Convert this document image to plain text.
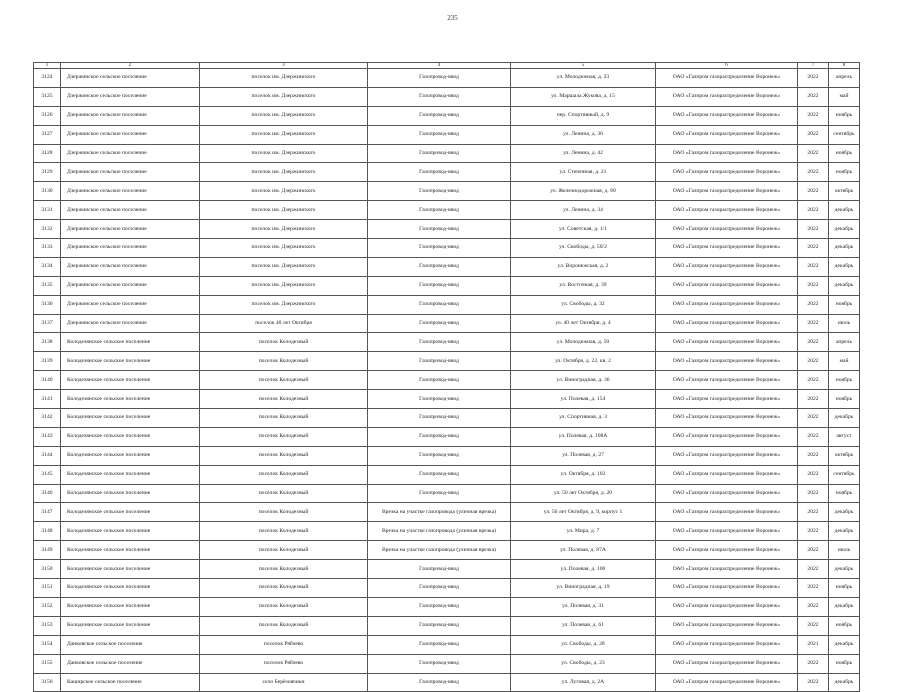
235
1	2	3	4	5	6	7	8
3124	Дзержинское сельское поселение	поселок им. Дзержинского	Газопровод-ввод	ул. Молодежная, д. 23	ОАО «Газпром газораспределение Воронеж»	2022	апрель
3125	Дзержинское сельское поселение	поселок им. Дзержинского	Газопровод-ввод	ул. Маршала Жукова, д. 15	ОАО «Газпром газораспределение Воронеж»	2022	май
3126	Дзержинское сельское поселение	поселок им. Дзержинского	Газопровод-ввод	пер. Спортивный, д. 9	ОАО «Газпром газораспределение Воронеж»	2022	ноябрь
3127	Дзержинское сельское поселение	поселок им. Дзержинского	Газопровод-ввод	ул. Ленина, д. 36	ОАО «Газпром газораспределение Воронеж»	2022	сентябрь
3128	Дзержинское сельское поселение	поселок им. Дзержинского	Газопровод-ввод	ул. Ленина, д. 42	ОАО «Газпром газораспределение Воронеж»	2022	ноябрь
3129	Дзержинское сельское поселение	поселок им. Дзержинского	Газопровод-ввод	ул. Степечная, д. 21	ОАО «Газпром газораспределение Воронеж»	2022	ноябрь
3130	Дзержинское сельское поселение	поселок им. Дзержинского	Газопровод-ввод	ул. Железнодорожная, д. 80	ОАО «Газпром газораспределение Воронеж»	2022	октябрь
3131	Дзержинское сельское поселение	поселок им. Дзержинского	Газопровод-ввод	ул. Ленина, д. 34	ОАО «Газпром газораспределение Воронеж»	2022	декабрь
3132	Дзержинское сельское поселение	поселок им. Дзержинского	Газопровод-ввод	ул. Советская, д. 1/1	ОАО «Газпром газораспределение Воронеж»	2022	декабрь
3133	Дзержинское сельское поселение	поселок им. Дзержинского	Газопровод-ввод	ул. Свободы, д. 50/2	ОАО «Газпром газораспределение Воронеж»	2022	декабрь
3134	Дзержинское сельское поселение	поселок им. Дзержинского	Газопровод-ввод	ул. Воронежская, д. 2	ОАО «Газпром газораспределение Воронеж»	2022	декабрь
3135	Дзержинское сельское поселение	поселок им. Дзержинского	Газопровод-ввод	ул. Восточная, д. 39	ОАО «Газпром газораспределение Воронеж»	2022	декабрь
3136	Дзержинское сельское поселение	поселок им. Дзержинского	Газопровод-ввод	ул. Свободы, д. 32	ОАО «Газпром газораспределение Воронеж»	2022	ноябрь
3137	Дзержинское сельское поселение	поселок 40 лет Октября	Газопровод-ввод	ул. 40 лет Октября, д. 4	ОАО «Газпром газораспределение Воронеж»	2022	июль
3138	Колодезянское сельское поселение	поселок Колодезный	Газопровод-ввод	ул. Молодежная, д. 50	ОАО «Газпром газораспределение Воронеж»	2022	апрель
3139	Колодезянское сельское поселение	поселок Колодезный	Газопровод-ввод	ул. Октября, д. 22, кв. 2	ОАО «Газпром газораспределение Воронеж»	2022	май
3140	Колодезянское сельское поселение	поселок Колодезный	Газопровод-ввод	ул. Виноградная, д. 36	ОАО «Газпром газораспределение Воронеж»	2022	ноябрь
3141	Колодезянское сельское поселение	поселок Колодезный	Газопровод-ввод	ул. Полевая, д. 154	ОАО «Газпром газораспределение Воронеж»	2022	ноябрь
3142	Колодезянское сельское поселение	поселок Колодезный	Газопровод-ввод	ул. Спортивная, д. 3	ОАО «Газпром газораспределение Воронеж»	2022	декабрь
3143	Колодезянское сельское поселение	поселок Колодезный	Газопровод-ввод	ул. Полевая, д. 108А	ОАО «Газпром газораспределение Воронеж»	2022	август
3144	Колодезянское сельское поселение	поселок Колодезный	Газопровод-ввод	ул. Полевая, д. 27	ОАО «Газпром газораспределение Воронеж»	2022	октябрь
3145	Колодезянское сельское поселение	поселок Колодезный	Газопровод-ввод	ул. Октября, д. 102	ОАО «Газпром газораспределение Воронеж»	2022	сентябрь
3146	Колодезянское сельское поселение	поселок Колодезный	Газопровод-ввод	ул. 50 лет Октября, д. 20	ОАО «Газпром газораспределение Воронеж»	2022	ноябрь
3147	Колодезянское сельское поселение	поселок Колодезный	Врезка на участке газопровода (уличная врезка)	ул. 50 лет Октября, д. 9, корпус 1	ОАО «Газпром газораспределение Воронеж»	2022	декабрь
3148	Колодезянское сельское поселение	поселок Колодезный	Врезка на участке газопровода (уличная врезка)	ул. Мира, д. 7	ОАО «Газпром газораспределение Воронеж»	2022	декабрь
3149	Колодезянское сельское поселение	поселок Колодезный	Врезка на участке газопровода (уличная врезка)	ул. Полевая, д. 87А	ОАО «Газпром газораспределение Воронеж»	2022	июль
3150	Колодезянское сельское поселение	поселок Колодезный	Газопровод-ввод	ул. Полевая, д. 100	ОАО «Газпром газораспределение Воронеж»	2022	декабрь
3151	Колодезянское сельское поселение	поселок Колодезный	Газопровод-ввод	ул. Виноградная, д. 19	ОАО «Газпром газораспределение Воронеж»	2022	ноябрь
3152	Колодезянское сельское поселение	поселок Колодезный	Газопровод-ввод	ул. Полевая, д. 31	ОАО «Газпром газораспределение Воронеж»	2022	декабрь
3153	Колодезянское сельское поселение	поселок Колодезный	Газопровод-ввод	ул. Полевая, д. 61	ОАО «Газпром газораспределение Воронеж»	2022	ноябрь
3154	Данковское сельское поселение	поселок Рябчево	Газопровод-ввод	ул. Свободы, д. 28	ОАО «Газпром газораспределение Воронеж»	2021	декабрь
3155	Данковское сельское поселение	поселок Рябчево	Газопровод-ввод	ул. Свободы, д. 23	ОАО «Газпром газораспределение Воронеж»	2022	ноябрь
3156	Каширское сельское поселение	село Берёзовчики	Газопровод-ввод	ул. Луговая, д. 2А	ОАО «Газпром газораспределение Воронеж»	2022	декабрь
